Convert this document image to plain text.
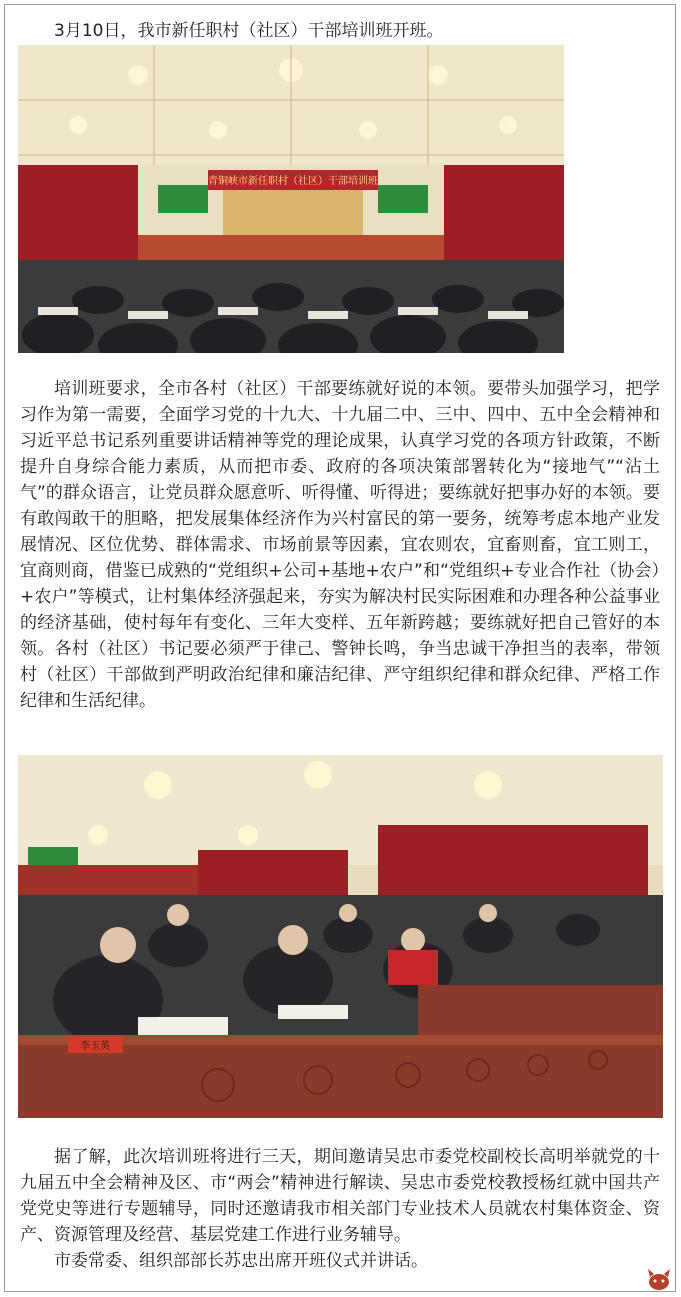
3月10日，我市新任职村（社区）干部培训班开班。

青铜峡市新任职村（社区）干部培训班

培训班要求，全市各村（社区）干部要练就好说的本领。要带头加强学习，把学习作为第一需要，全面学习党的十九大、十九届二中、三中、四中、五中全会精神和习近平总书记系列重要讲话精神等党的理论成果，认真学习党的各项方针政策，不断提升自身综合能力素质，从而把市委、政府的各项决策部署转化为“接地气”“沾土气”的群众语言，让党员群众愿意听、听得懂、听得进；要练就好把事办好的本领。要有敢闯敢干的胆略，把发展集体经济作为兴村富民的第一要务，统筹考虑本地产业发展情况、区位优势、群体需求、市场前景等因素，宜农则农，宜畜则畜，宜工则工，宜商则商，借鉴已成熟的“党组织+公司+基地+农户”和“党组织+专业合作社（协会）+农户”等模式，让村集体经济强起来，夯实为解决村民实际困难和办理各种公益事业的经济基础，使村每年有变化、三年大变样、五年新跨越；要练就好把自己管好的本领。各村（社区）书记要必须严于律己、警钟长鸣，争当忠诚干净担当的表率，带领村（社区）干部做到严明政治纪律和廉洁纪律、严守组织纪律和群众纪律、严格工作纪律和生活纪律。

李玉英

据了解，此次培训班将进行三天，期间邀请吴忠市委党校副校长高明举就党的十九届五中全会精神及区、市“两会”精神进行解读、吴忠市委党校教授杨红就中国共产党党史等进行专题辅导，同时还邀请我市相关部门专业技术人员就农村集体资金、资产、资源管理及经营、基层党建工作进行业务辅导。

市委常委、组织部部长苏忠出席开班仪式并讲话。
